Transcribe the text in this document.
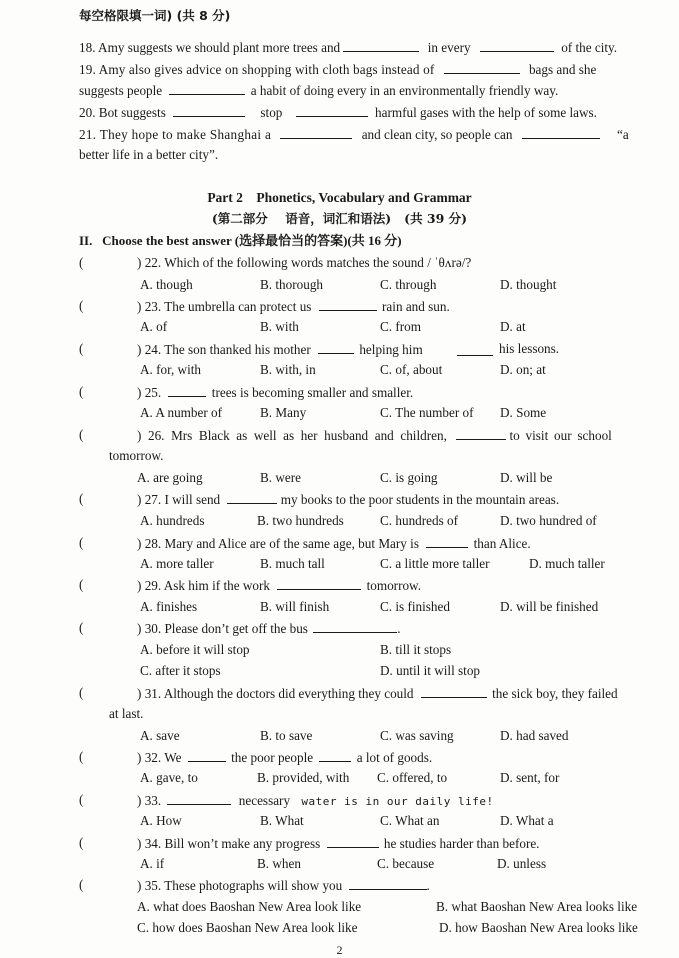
每空格限填一词) (共 8 分)
18. Amy suggests we should plant more trees and	in every	of the city.
19. Amy also gives advice on shopping with cloth bags instead of	bags and she
suggests people	a habit of doing every in an environmentally friendly way.
20. Bot suggests	stop	harmful gases with the help of some laws.
21. They hope to make Shanghai a	and clean city, so people can	“a
better life in a better city”.
Part 2    Phonetics, Vocabulary and Grammar
(第二部分    语音，词汇和语法)   (共 39 分)
II.   Choose the best answer (选择最恰当的答案)(共 16 分)
(	) 22. Which of the following words matches the sound / ˈθʌrə/?
A. though	B. thorough	C. through	D. thought
(	) 23. The umbrella can protect us	rain and sun.
A. of	B. with	C. from	D. at
(	) 24. The son thanked his mother	helping him	his lessons.
A. for, with	B. with, in	C. of, about	D. on; at
(	) 25.	trees is becoming smaller and smaller.
A. A number of	B. Many	C. The number of D. Some
(	) 26. Mrs Black as well as her husband and children,	to visit our school
tomorrow.
A. are going	B. were	C. is going	D. will be
(	) 27. I will send	my books to the poor students in the mountain areas.
A. hundreds	B. two hundreds	C. hundreds of	D. two hundred of
(	) 28. Mary and Alice are of the same age, but Mary is	than Alice.
A. more taller	B. much tall	C. a little more taller	D. much taller
(	) 29. Ask him if the work	tomorrow.
A. finishes	B. will finish	C. is finished	D. will be finished
(	) 30. Please don’t get off the bus	.
A. before it will stop	B. till it stops
C. after it stops	D. until it will stop
(	) 31. Although the doctors did everything they could	the sick boy, they failed
at last.
A. save	B. to save	C. was saving	D. had saved
(	) 32. We	the poor people	a lot of goods.
A. gave, to	B. provided, with C. offered, to	D. sent, for
(	) 33.	necessary water is in our daily life!
A. How	B. What	C. What an	D. What a
(	) 34. Bill won’t make any progress	he studies harder than before.
A. if	B. when	C. because	D. unless
(	) 35. These photographs will show you	.
A. what does Baoshan New Area look like	B. what Baoshan New Area looks like
C. how does Baoshan New Area look like	D. how Baoshan New Area looks like
2
